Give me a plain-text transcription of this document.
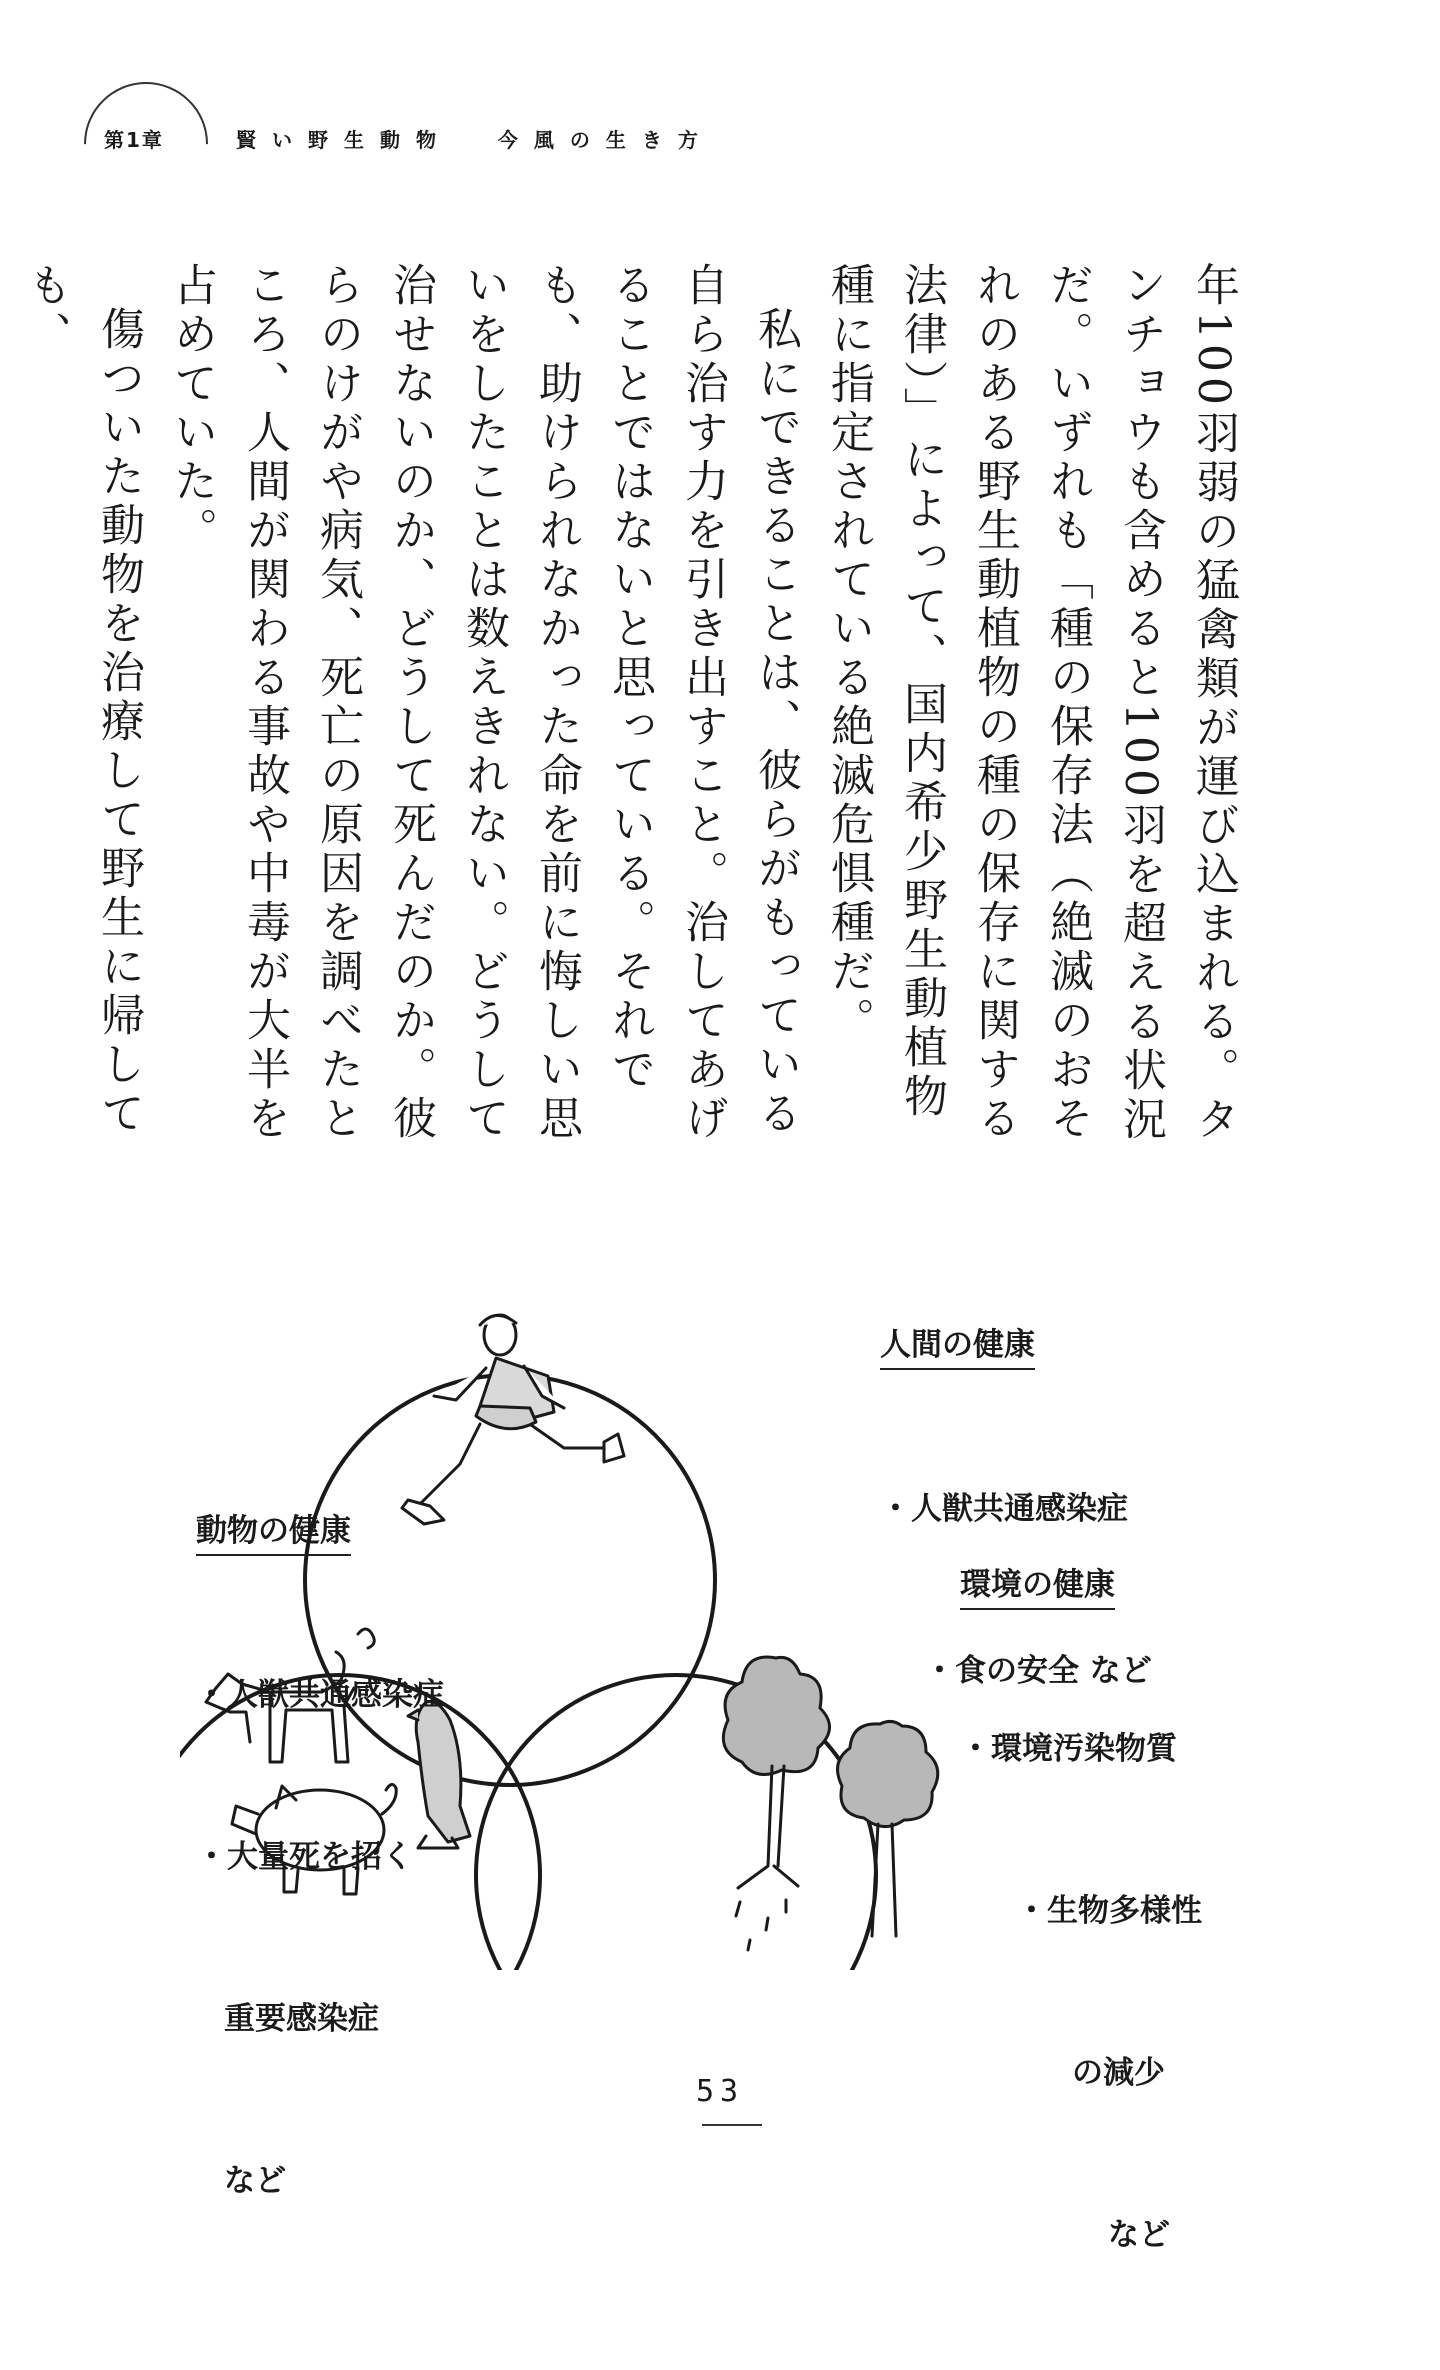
第1章	賢い野生動物  今風の生き方

年100羽弱の猛禽類が運び込まれる。タンチョウも含めると100羽を超える状況だ。いずれも「種の保存法（絶滅のおそれのある野生動植物の種の保存に関する法律）」によって、国内希少野生動植物種に指定されている絶滅危惧種だ。

私にできることは、彼らがもっている自ら治す力を引き出すこと。治してあげることではないと思っている。それでも、助けられなかった命を前に悔しい思いをしたことは数えきれない。どうして治せないのか、どうして死んだのか。彼らのけがや病気、死亡の原因を調べたところ、人間が関わる事故や中毒が大半を占めていた。

傷ついた動物を治療して野生に帰しても、

人間の健康

・人獣共通感染症

・食の安全 など

動物の健康

・人獣共通感染症

・大量死を招く

重要感染症

など

環境の健康

・環境汚染物質

・生物多様性

の減少

など

53
